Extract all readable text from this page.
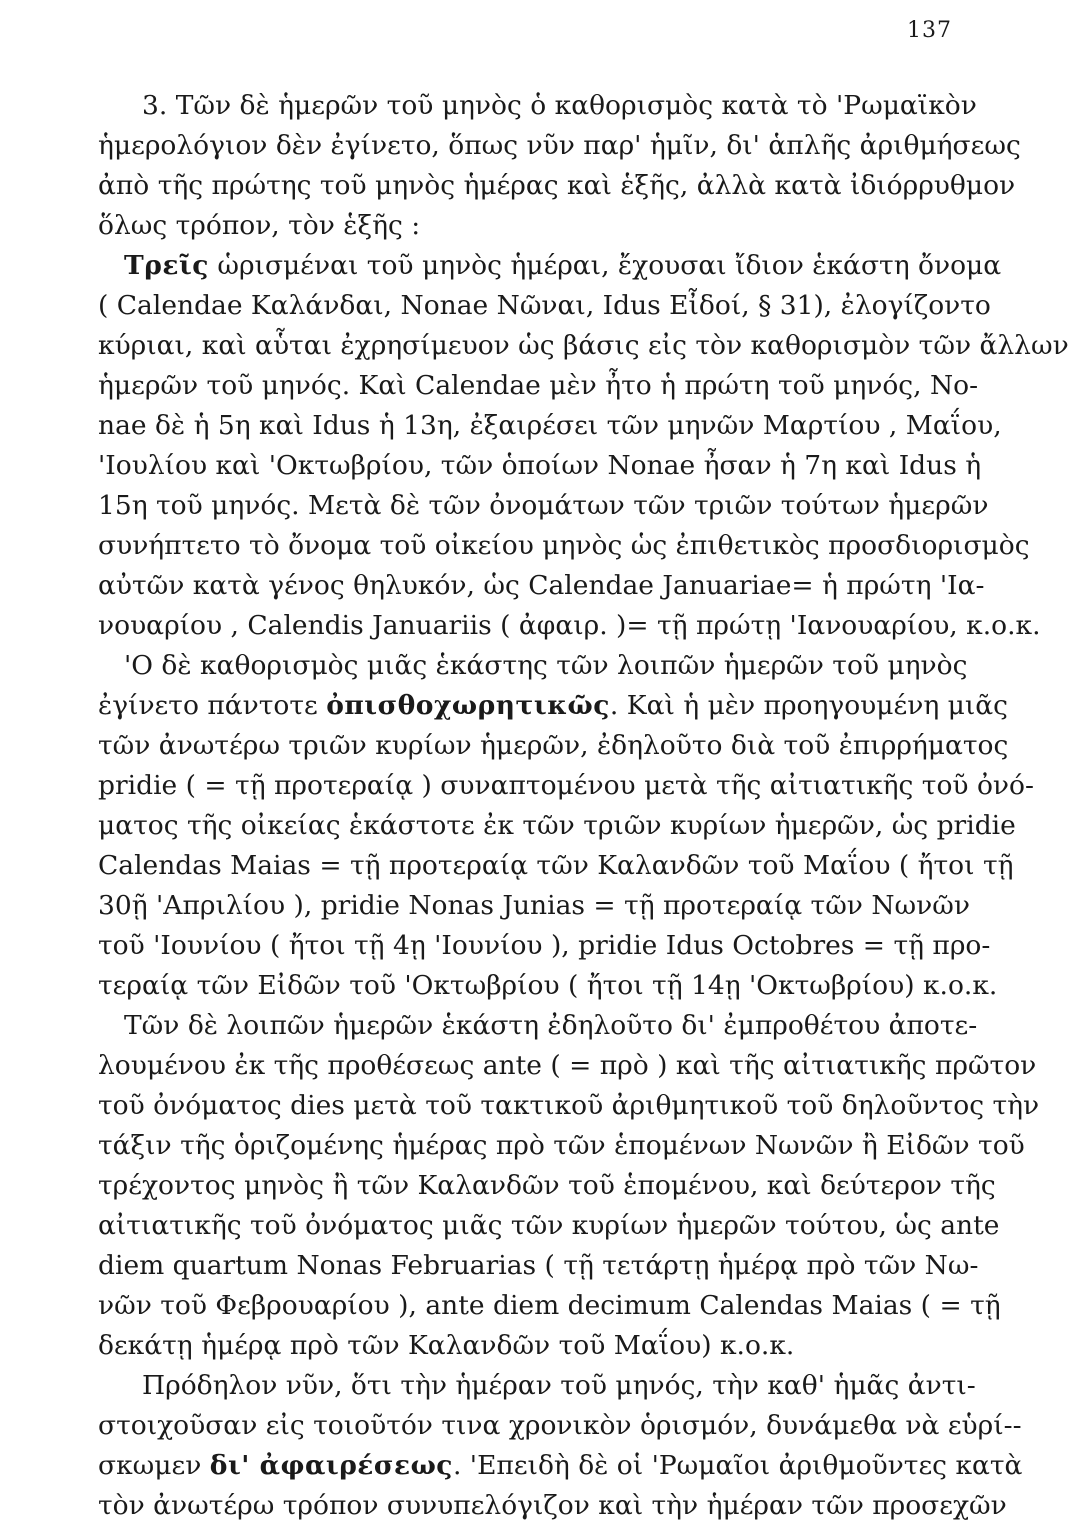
137
3. Τῶν δὲ ἡμερῶν τοῦ μηνὸς ὁ καθορισμὸς κατὰ τὸ 'Ρωμαϊκὸν
ἡμερολόγιον δὲν ἐγίνετο, ὅπως νῦν παρ' ἡμῖν, δι' ἁπλῆς ἀριθμήσεως
ἀπὸ τῆς πρώτης τοῦ μηνὸς ἡμέρας καὶ ἑξῆς, ἀλλὰ κατὰ ἰδιόρρυθμον
ὅλως τρόπον, τὸν ἑξῆς :
Τρεῖς ὡρισμέναι τοῦ μηνὸς ἡμέραι, ἔχουσαι ἴδιον ἑκάστη ὄνομα
( Calendae Καλάνδαι, Nonae Νῶναι, Idus Εἶδοί, § 31), ἐλογίζοντο
κύριαι, καὶ αὗται ἐχρησίμευον ὡς βάσις εἰς τὸν καθορισμὸν τῶν ἄλλων
ἡμερῶν τοῦ μηνός. Καὶ Calendae μὲν ἦτο ἡ πρώτη τοῦ μηνός, No-
nae δὲ ἡ 5η καὶ Idus ἡ 13η, ἐξαιρέσει τῶν μηνῶν Μαρτίου , Μαΐου,
'Ιουλίου καὶ 'Οκτωβρίου, τῶν ὁποίων Nonae ἦσαν ἡ 7η καὶ Idus ἡ
15η τοῦ μηνός. Μετὰ δὲ τῶν ὀνομάτων τῶν τριῶν τούτων ἡμερῶν
συνήπτετο τὸ ὄνομα τοῦ οἰκείου μηνὸς ὡς ἐπιθετικὸς προσδιορισμὸς
αὐτῶν κατὰ γένος θηλυκόν, ὡς Calendae Januariae= ἡ πρώτη 'Ια-
νουαρίου , Calendis Januariis ( ἀφαιρ. )= τῇ πρώτῃ 'Ιανουαρίου, κ.ο.κ.
'Ο δὲ καθορισμὸς μιᾶς ἑκάστης τῶν λοιπῶν ἡμερῶν τοῦ μηνὸς
ἐγίνετο πάντοτε ὀπισθοχωρητικῶς. Καὶ ἡ μὲν προηγουμένη μιᾶς
τῶν ἀνωτέρω τριῶν κυρίων ἡμερῶν, ἐδηλοῦτο διὰ τοῦ ἐπιρρήματος
pridie ( = τῇ προτεραίᾳ ) συναπτομένου μετὰ τῆς αἰτιατικῆς τοῦ ὀνό-
ματος τῆς οἰκείας ἑκάστοτε ἐκ τῶν τριῶν κυρίων ἡμερῶν, ὡς pridie
Calendas Maias = τῇ προτεραίᾳ τῶν Καλανδῶν τοῦ Μαΐου ( ἤτοι τῇ
30ῇ 'Απριλίου ), pridie Nonas Junias = τῇ προτεραίᾳ τῶν Νωνῶν
τοῦ 'Ιουνίου ( ἤτοι τῇ 4ῃ 'Ιουνίου ), pridie Idus Octobres = τῇ προ-
τεραίᾳ τῶν Εἰδῶν τοῦ 'Οκτωβρίου ( ἤτοι τῇ 14ῃ 'Οκτωβρίου) κ.ο.κ.
Τῶν δὲ λοιπῶν ἡμερῶν ἑκάστη ἐδηλοῦτο δι' ἐμπροθέτου ἀποτε-
λουμένου ἐκ τῆς προθέσεως ante ( = πρὸ ) καὶ τῆς αἰτιατικῆς πρῶτον
τοῦ ὀνόματος dies μετὰ τοῦ τακτικοῦ ἀριθμητικοῦ τοῦ δηλοῦντος τὴν
τάξιν τῆς ὁριζομένης ἡμέρας πρὸ τῶν ἑπομένων Νωνῶν ἢ Εἰδῶν τοῦ
τρέχοντος μηνὸς ἢ τῶν Καλανδῶν τοῦ ἑπομένου, καὶ δεύτερον τῆς
αἰτιατικῆς τοῦ ὀνόματος μιᾶς τῶν κυρίων ἡμερῶν τούτου, ὡς ante
diem quartum Nonas Februarias ( τῇ τετάρτῃ ἡμέρᾳ πρὸ τῶν Νω-
νῶν τοῦ Φεβρουαρίου ), ante diem decimum Calendas Maias ( = τῇ
δεκάτῃ ἡμέρᾳ πρὸ τῶν Καλανδῶν τοῦ Μαΐου) κ.ο.κ.
Πρόδηλον νῦν, ὅτι τὴν ἡμέραν τοῦ μηνός, τὴν καθ' ἡμᾶς ἀντι-
στοιχοῦσαν εἰς τοιοῦτόν τινα χρονικὸν ὁρισμόν, δυνάμεθα νὰ εὑρί--
σκωμεν δι' ἀφαιρέσεως. 'Επειδὴ δὲ οἱ 'Ρωμαῖοι ἀριθμοῦντες κατὰ
τὸν ἀνωτέρω τρόπον συνυπελόγιζον καὶ τὴν ἡμέραν τῶν προσεχῶν
